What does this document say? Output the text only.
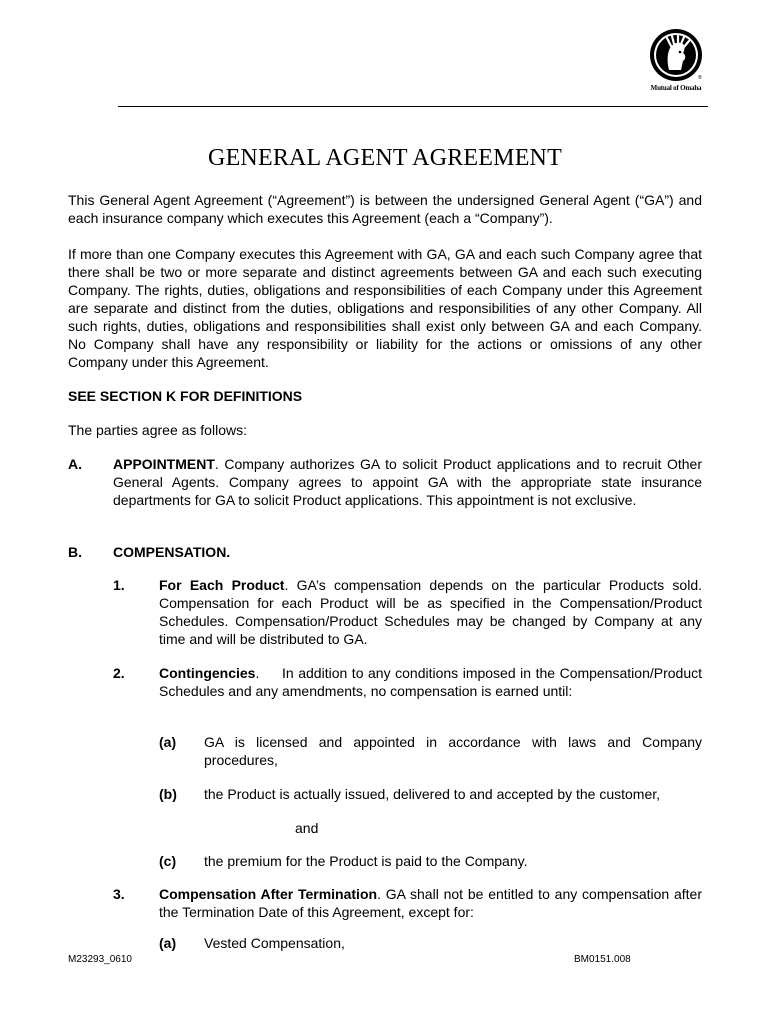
®
Mutual of Omaha
GENERAL AGENT AGREEMENT
This General Agent Agreement (“Agreement”) is between the undersigned General Agent (“GA”) and each insurance company which executes this Agreement (each a “Company”).
If more than one Company executes this Agreement with GA, GA and each such Company agree that there shall be two or more separate and distinct agreements between GA and each such executing Company. The rights, duties, obligations and responsibilities of each Company under this Agreement are separate and distinct from the duties, obligations and responsibilities of any other Company. All such rights, duties, obligations and responsibilities shall exist only between GA and each Company. No Company shall have any responsibility or liability for the actions or omissions of any other Company under this Agreement.
SEE SECTION K FOR DEFINITIONS
The parties agree as follows:
A. APPOINTMENT. Company authorizes GA to solicit Product applications and to recruit Other General Agents. Company agrees to appoint GA with the appropriate state insurance departments for GA to solicit Product applications. This appointment is not exclusive.
B. COMPENSATION.
1. For Each Product. GA’s compensation depends on the particular Products sold. Compensation for each Product will be as specified in the Compensation/Product Schedules. Compensation/Product Schedules may be changed by Company at any time and will be distributed to GA.
2. Contingencies.     In addition to any conditions imposed in the Compensation/Product Schedules and any amendments, no compensation is earned until:
(a) GA is licensed and appointed in accordance with laws and Company procedures,
(b) the Product is actually issued, delivered to and accepted by the customer,
and
(c) the premium for the Product is paid to the Company.
3. Compensation After Termination. GA shall not be entitled to any compensation after the Termination Date of this Agreement, except for:
(a) Vested Compensation,
M23293_0610	BM0151.008
